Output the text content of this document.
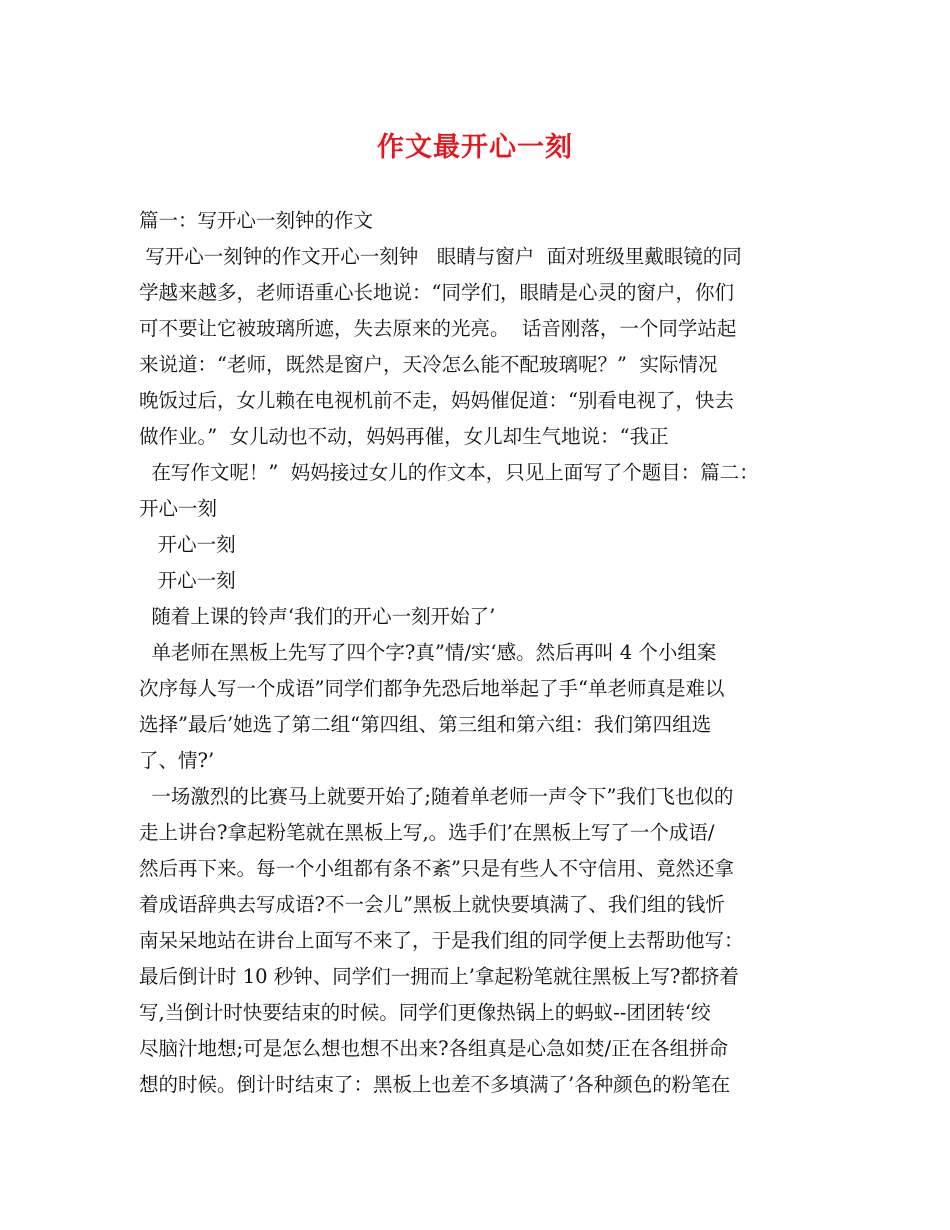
作文最开心一刻
篇一：写开心一刻钟的作文
写开心一刻钟的作文开心一刻钟   眼睛与窗户  面对班级里戴眼镜的同
学越来越多，老师语重心长地说：“同学们，眼睛是心灵的窗户，你们
可不要让它被玻璃所遮，失去原来的光亮。  话音刚落，一个同学站起
来说道：“老师，既然是窗户，天冷怎么能不配玻璃呢？”  实际情况
晚饭过后，女儿赖在电视机前不走，妈妈催促道：“别看电视了，快去
做作业。”  女儿动也不动，妈妈再催，女儿却生气地说：“我正
在写作文呢！”  妈妈接过女儿的作文本，只见上面写了个题目：篇二：
开心一刻
开心一刻
开心一刻
随着上课的铃声‘我们的开心一刻开始了’
单老师在黑板上先写了四个字?真”情/实‘感。然后再叫 4 个小组案
次序每人写一个成语”同学们都争先恐后地举起了手“单老师真是难以
选择”最后’她选了第二组“第四组、第三组和第六组：我们第四组选
了、情?’
一场激烈的比赛马上就要开始了;随着单老师一声令下”我们飞也似的
走上讲台?拿起粉笔就在黑板上写,。选手们’在黑板上写了一个成语/
然后再下来。每一个小组都有条不紊”只是有些人不守信用、竟然还拿
着成语辞典去写成语?不一会儿”黑板上就快要填满了、我们组的钱忻
南呆呆地站在讲台上面写不来了，于是我们组的同学便上去帮助他写：
最后倒计时 10 秒钟、同学们一拥而上’拿起粉笔就往黑板上写?都挤着
写,当倒计时快要结束的时候。同学们更像热锅上的蚂蚁--团团转‘绞
尽脑汁地想;可是怎么想也想不出来?各组真是心急如焚/正在各组拼命
想的时候。倒计时结束了：黑板上也差不多填满了’各种颜色的粉笔在
